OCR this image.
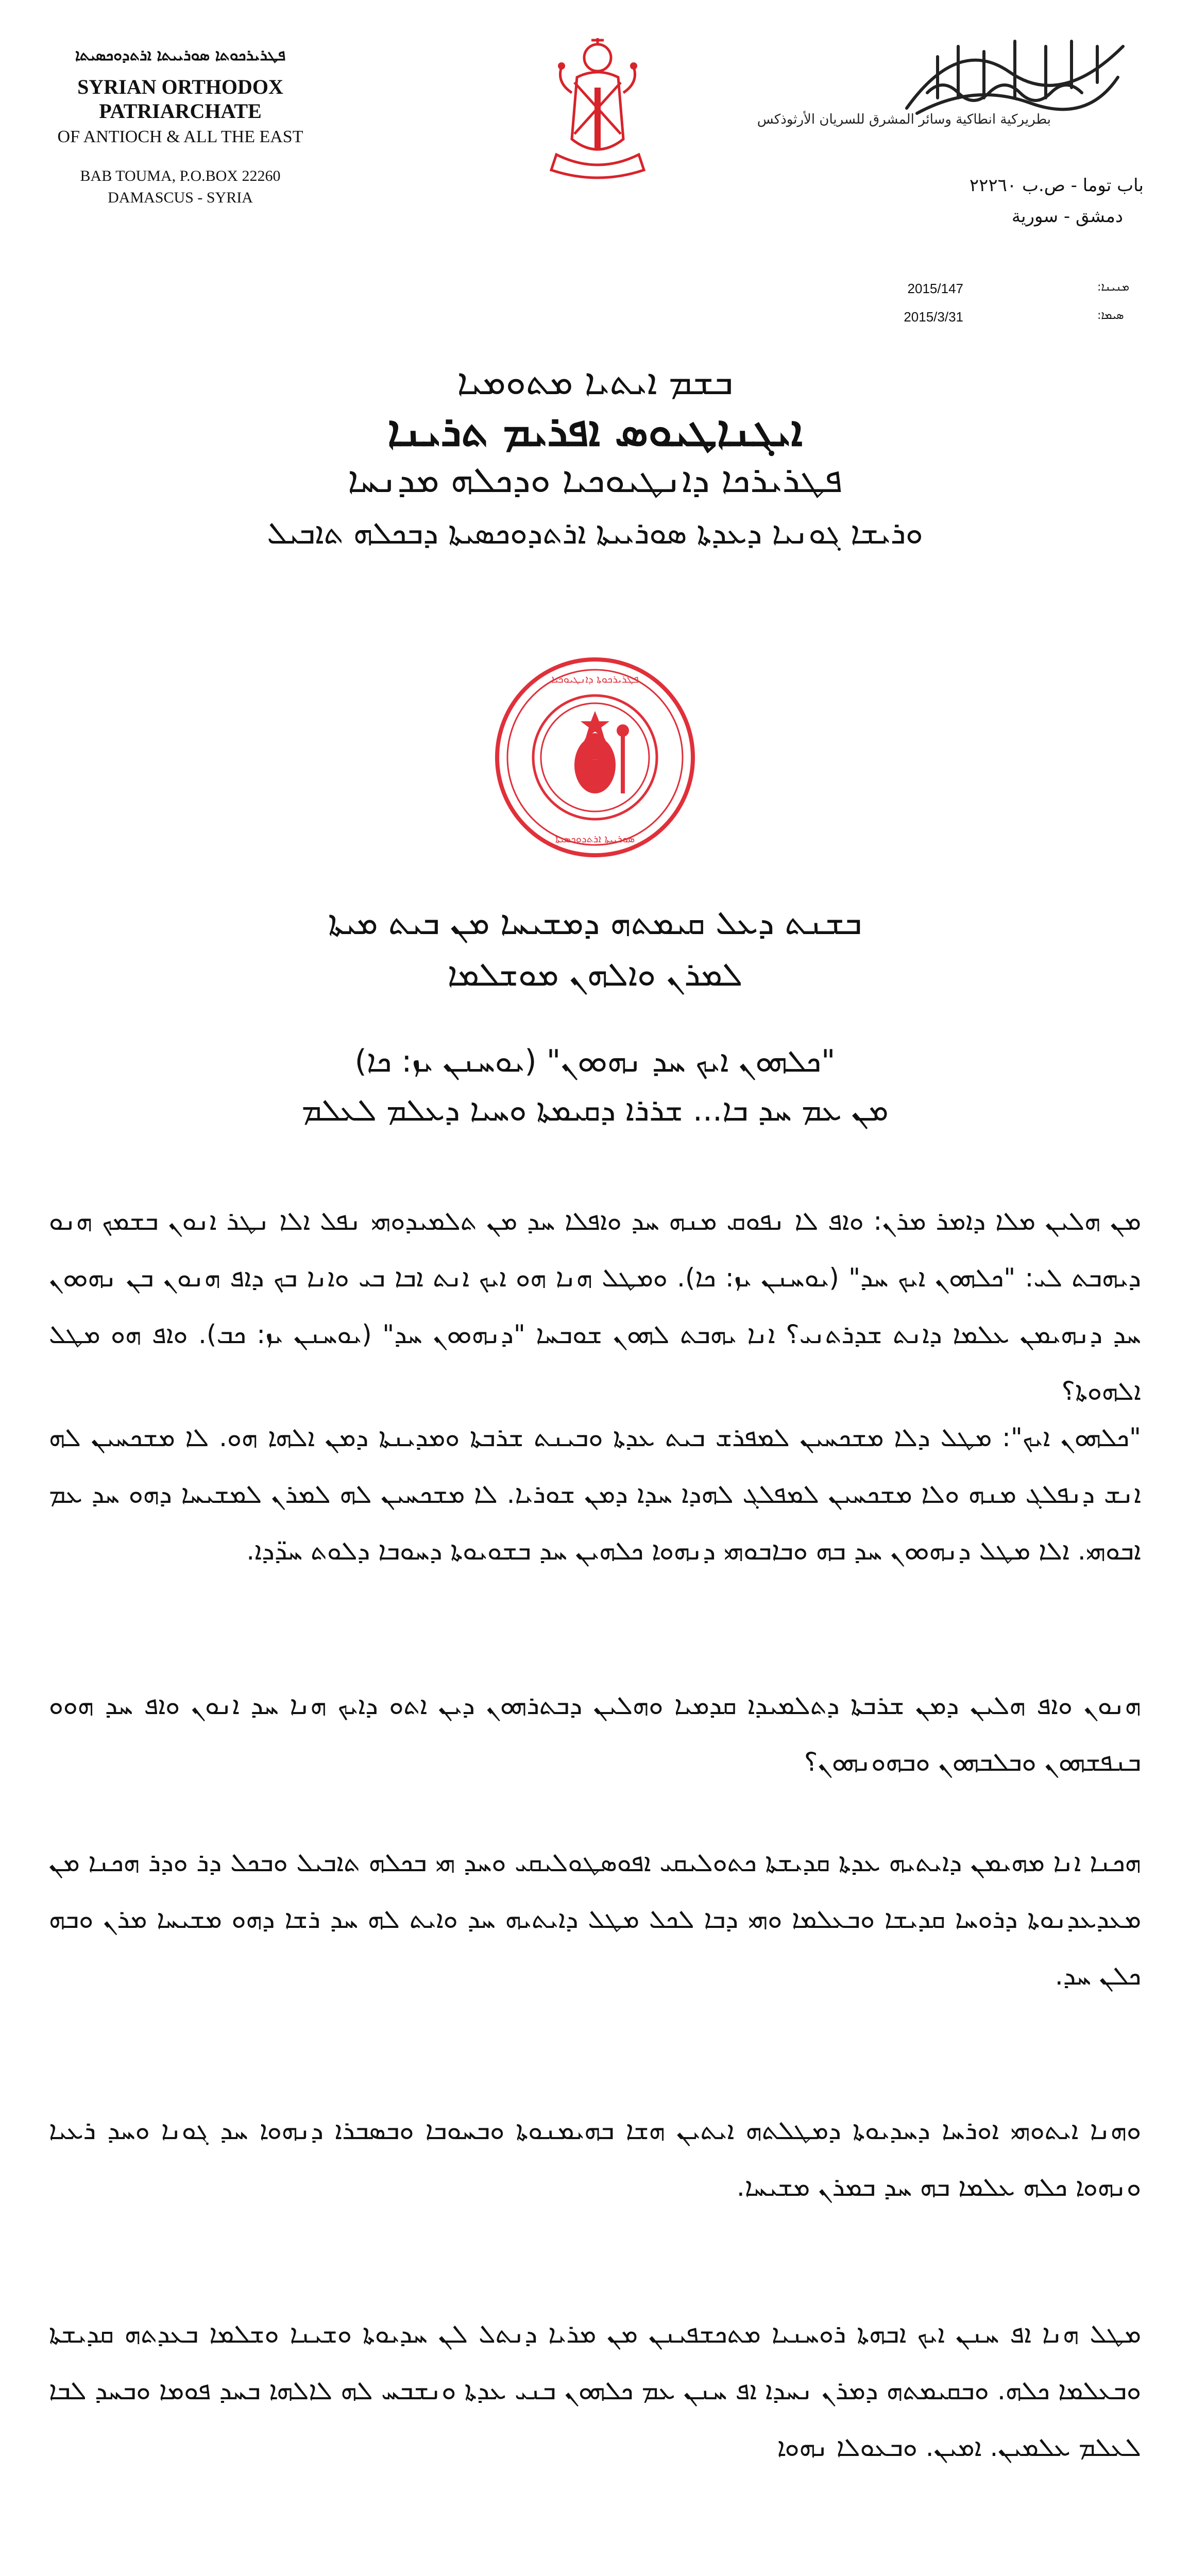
ܦܛܪܝܪܟܘܬܐ ܣܘܪܝܝܬܐ ܐܪܬܕܘܟܣܝܬܐ
SYRIAN ORTHODOX PATRIARCHATE
OF ANTIOCH & ALL THE EAST
BAB TOUMA, P.O.BOX 22260
DAMASCUS - SYRIA
بطريركية انطاكية وسائر المشرق للسريان الأرثوذكس
باب توما - ص.ب ٢٢٢٦٠
دمشق - سورية
2015/147	ܡܢܝܢܐ:
2015/3/31	ܣܝܡܐ:
ܒܫܡ ܐܝܬܝܐ ܡܬܘܡܝܐ
ܐܝܓܢܐܛܝܘܣ ܐܦܪܝܡ ܬܪܝܢܐ
ܦܛܪܝܪܟܐ ܕܐܢܛܝܘܟܝܐ ܘܕܟܠܗ ܡܕܢܚܐ
ܘܪܝܫܐ ܓܘܢܝܐ ܕܥܕܬܐ ܣܘܪܝܝܬܐ ܐܪܬܕܘܟܣܝܬܐ ܕܒܟܠܗ ܬܐܒܝܠ
ܦܛܪܝܪܟܘܬܐ ܕܐܢܛܝܘܟܝܐ
ܣܘܪܝܝܬܐ ܐܪܬܕܘܟܣܝܬܐ
PATRIARCHAL SEAL
ܒܫܢܬ ܕܥܠ ܩܝܡܬܗ ܕܡܫܝܚܐ ܡܢ ܒܝܬ ܡܝܬܐ
ܠܡܪܢ ܘܐܠܗܢ ܡܘܫܠܡܐ
"ܟܠܗܘܢ ܐܝܟ ܚܕ ܢܗܘܘܢ" (ܝܘܚܢܢ ܝܙ: ܟܐ)
ܡܢ ܥܡ ܚܕ ܒܐ... ܫܪܪܐ ܕܩܝܡܬܐ ܘܚܝܐ ܕܥܠܡ ܠܥܠܡ
ܡܢ ܗܠܝܢ ܡܠܐ ܕܐܡܪ ܡܪܢ: ܘܐܦ ܠܐ ܢܦܘܩ ܡܢܗ ܚܕ ܘܐܦܠܐ ܚܕ ܡܢ ܬܠܡܝܕܘܗܝ ܢܦܠ ܐܠܐ ܢܛܪ ܐܢܘܢ ܒܫܡܟ ܗܢܘ ܕܝܗܒܬ ܠܝ: "ܟܠܗܘܢ ܐܝܟ ܚܕ" (ܝܘܚܢܢ ܝܙ: ܟܐ). ܘܡܛܠ ܗܢܐ ܗܘ ܐܝܟ ܐܢܬ ܐܒܐ ܒܝ ܘܐܢܐ ܒܟ ܕܐܦ ܗܢܘܢ ܒܢ ܢܗܘܘܢ ܚܕ ܕܢܗܝܡܢ ܥܠܡܐ ܕܐܢܬ ܫܕܪܬܢܝ؟ ܐܢܐ ܝܗܒܬ ܠܗܘܢ ܫܘܒܚܐ "ܕܢܗܘܘܢ ܚܕ" (ܝܘܚܢܢ ܝܙ: ܟܒ). ܘܐܦ ܗܘ ܡܛܠ ܐܠܗܘܬܐ؟
"ܟܠܗܘܢ ܐܝܟ": ܡܛܠ ܕܠܐ ܡܫܟܚܝܢ ܠܡܦܪܫ ܒܝܬ ܥܕܬܐ ܘܒܝܢܬ ܫܪܒܬܐ ܘܡܕܝܢܬܐ ܕܡܢ ܐܠܗܐ ܗܘ. ܠܐ ܡܫܟܚܝܢ ܠܗ ܐܢܫ ܕܢܦܠܓ ܡܢܗ ܘܠܐ ܡܫܟܚܝܢ ܠܡܦܠܓ ܠܗܕܐ ܚܕܐ ܕܡܢ ܫܘܪܝܐ. ܠܐ ܡܫܟܚܝܢ ܠܗ ܠܡܪܢ ܠܡܫܝܚܐ ܕܗܘ ܚܕ ܥܡ ܐܒܘܗܝ. ܐܠܐ ܡܛܠ ܕܢܗܘܘܢ ܚܕ ܒܗ ܘܒܐܒܘܗܝ ܕܢܗܘܐ ܟܠܗܝܢ ܚܕ ܒܫܘܝܘܬܐ ܕܚܘܒܐ ܕܠܘܬ ܚܕ̈ܕܐ.
ܗܢܘܢ ܘܐܦ ܗܠܝܢ ܕܡܢ ܫܪܒܬܐ ܕܬܠܡܝܕܐ ܩܕܡܝܐ ܘܗܠܝܢ ܕܒܬܪܗܘܢ ܕܝܢ ܐܬܘ ܕܐܝܟ ܗܢܐ ܚܕ ܐܢܘܢ ܘܐܦ ܚܕ ܗܘܘ ܒܢܦܫܗܘܢ ܘܒܠܒܗܘܢ ܘܒܗܘܢܗܘܢ؟
ܗܟܢܐ ܐܢܐ ܡܗܝܡܢ ܕܐܝܬܝܗ ܥܕܬܐ ܩܕܝܫܬܐ ܟܬܘܠܝܩܝ ܐܦܘܣܛܘܠܝܩܝ ܘܚܕ ܗܝ ܒܟܠܗ ܬܐܒܝܠ ܘܒܟܠ ܕܪ ܘܕܪ ܗܟܢܐ ܡܢ ܡܥܕܥܕܢܘܬܐ ܕܪܘܚܐ ܩܕܝܫܐ ܘܒܥܠܡܐ ܘܗܝ ܕܒܐ ܠܟܠ ܡܛܠ ܕܐܝܬܝܗ ܚܕ ܘܐܝܬ ܠܗ ܚܕ ܪܫܐ ܕܗܘ ܡܫܝܚܐ ܡܪܢ ܘܒܗ ܟܠܢ ܚܕ.
ܘܗܢܐ ܐܝܬܘܗܝ ܐܘܪܚܐ ܕܚܕܝܘܬܐ ܕܡܛܠܬܗ ܐܝܬܝܢ ܗܫܐ ܒܗܝܡܢܘܬܐ ܘܒܚܘܒܐ ܘܒܣܒܪܐ ܕܢܗܘܐ ܚܕ ܓܘܢܐ ܘܚܕ ܪܥܝܐ ܘܢܗܘܐ ܟܠܗ ܥܠܡܐ ܒܗ ܚܕ ܒܡܪܢ ܡܫܝܚܐ.
ܡܛܠ ܗܢܐ ܐܦ ܚܢܢ ܐܝܟ ܐܒܗܬܐ ܪܘܚܢܝܐ ܡܬܟܫܦܝܢܢ ܡܢ ܡܪܝܐ ܕܢܬܠ ܠܢ ܚܕܝܘܬܐ ܘܫܝܢܐ ܘܫܠܡܐ ܒܥܕܬܗ ܩܕܝܫܬܐ ܘܒܥܠܡܐ ܟܠܗ. ܘܒܩܝܡܬܗ ܕܡܪܢ ܢܚܕܐ ܐܦ ܚܢܢ ܥܡ ܟܠܗܘܢ ܒܢܝ ܥܕܬܐ ܘܢܫܒܚ ܠܗ ܠܐܠܗܐ ܒܚܕ ܦܘܡܐ ܘܒܚܕ ܠܒܐ ܠܥܠܡ ܥܠܡܝܢ. ܐܡܝܢ. ܘܒܥܘܠܐ ܢܗܘܐ
